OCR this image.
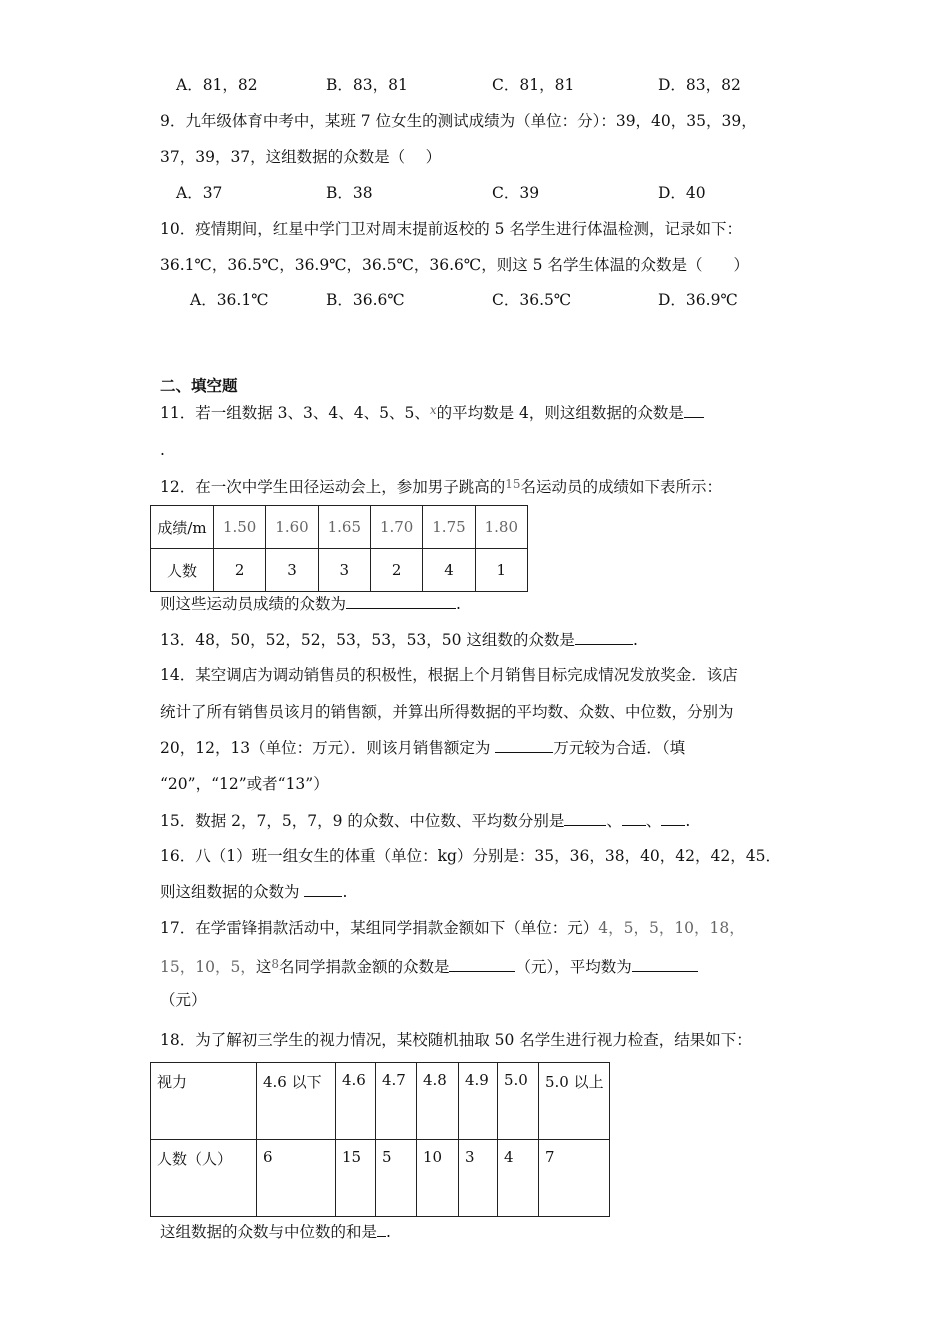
A．81，82	B．83，81	C．81，81	D．83，82
9．九年级体育中考中，某班 7 位女生的测试成绩为（单位：分）：39，40，35，39，
37，39，37，这组数据的众数是（　 ）
A．37	B．38	C．39	D．40
10．疫情期间，红星中学门卫对周末提前返校的 5 名学生进行体温检测，记录如下：
36.1℃，36.5℃，36.9℃，36.5℃，36.6℃，则这 5 名学生体温的众数是（　　）
A．36.1℃	B．36.6℃	C．36.5℃	D．36.9℃
二、填空题
11．若一组数据 3、3、4、4、5、5、$^x$的平均数是 4，则这组数据的众数是
.
12．在一次中学生田径运动会上，参加男子跳高的$^{15}$名运动员的成绩如下表所示：
成绩/m	1.50	1.60	1.65	1.70	1.75	1.80
人数	2	3	3	2	4	1
则这些运动员成绩的众数为	.
13．48，50，52，52，53，53，53，50 这组数的众数是	.
14．某空调店为调动销售员的积极性，根据上个月销售目标完成情况发放奖金．该店
统计了所有销售员该月的销售额，并算出所得数据的平均数、众数、中位数，分别为
20，12，13（单位：万元）．则该月销售额定为	万元较为合适．（填
“20”，“12”或者“13”）
15．数据 2，7，5，7，9 的众数、中位数、平均数分别是	、 、 .
16．八（1）班一组女生的体重（单位：kg）分别是：35，36，38，40，42，42，45．
则这组数据的众数为 .
17．在学雷锋捐款活动中，某组同学捐款金额如下（单位：元）4，5，5，10，18，
15，10，5，这$^8$名同学捐款金额的众数是	（元），平均数为
（元）
18．为了解初三学生的视力情况，某校随机抽取 50 名学生进行视力检查，结果如下：
视力	4.6 以下	4.6	4.7	4.8	4.9	5.0	5.0 以上
人数（人）	6	15	5	10	3	4	7
这组数据的众数与中位数的和是 .
